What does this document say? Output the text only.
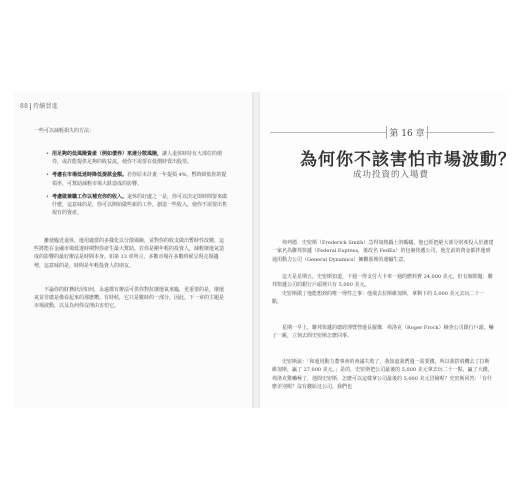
88 持續買進

一些可以減輕損失的方法：

• 用足夠的低風險資產（例如債券）來達分散風險，讓人退休時持有大部位的債券，或許能提供足夠的收益流，使你不需要在低價時賣出股票。
• 考慮在市場低迷時降低提款金額。若你原本計畫一年提領 4%，暫時降低你的提領率，可幫助減輕市場大跌造成的影響。
• 考慮做兼職工作以補充你的收入。退休的好處之一是，你可以決定即時間要來做什麼，這意味的是，你可以開始做些新的工作，創造一些收入，使你不需要出售現有的資產。

雖使臨近退休，運用適當的多樣化以分散風險，並對你的收支做出暫時性改變，這些將能在金融市場低迷時期對你產生最大幫助。若你是剛年輕的投資人，減輕壞運氣造成的影響的最好辦法是時間本身。如第 13 章所言，多數市場在多數時候呈現走揚趨勢，這意味的是，時間是年輕投資人的朋友。

不論你的財務狀況如何，永遠都有辦法可供你對抗壞運氣來臨，更重要的是，壞運氣並非總是像看起來的那麼糟。有時候，它只是數時的一部分。因此，下一章的主題是市場波動，以及為何你沒理由害怕它。

第 16 章
為何你不該害怕市場波動？
成功投資的入場費

弗列德．史密斯（Frederick Smith）急得如熱鍋上的螞蟻，他已經把絕大部分財產投入於創建一家名為聯邦快遞（Federal Express，後改名 FedEx）的包裹快遞公司，他先前的資金都拌運到通用動力公司（General Dynamics）擁觀那裡的運輸生意。

這天是星期五，史密斯知道，下週一得支付大卡車一週的燃料費 24,000 美元，但有個問題：聯邦快遞公司的銀行戶頭裡只有 5,000 美元。

史密斯做了他能想到的唯一理性之事：他飛去拉斯維加斯，拿剩下的 5,000 美元去玩二十一點。

星期一早上，聯邦快遞的總經理暨營運長羅傑．弗洛克（Roger Frock）檢查公司銀行戶頭，嚇了一跳，立刻去問史密斯怎麼回事。

史密斯說：「和通用動力董事會的會議失敗了，我知道我們週一需要錢，所以我搭飛機去了拉斯維加斯，贏了 27,000 美元。」是的，史密斯把公司最後的 5,000 美元拿去玩二十一點，贏了大錢，弗洛克驚嚇極了，他問史密斯，怎麼可以這樣拿公司最後的 5,000 美元冒險呢？史密斯回答：「有什麼差別呢？沒有錢給这公司，我們也
